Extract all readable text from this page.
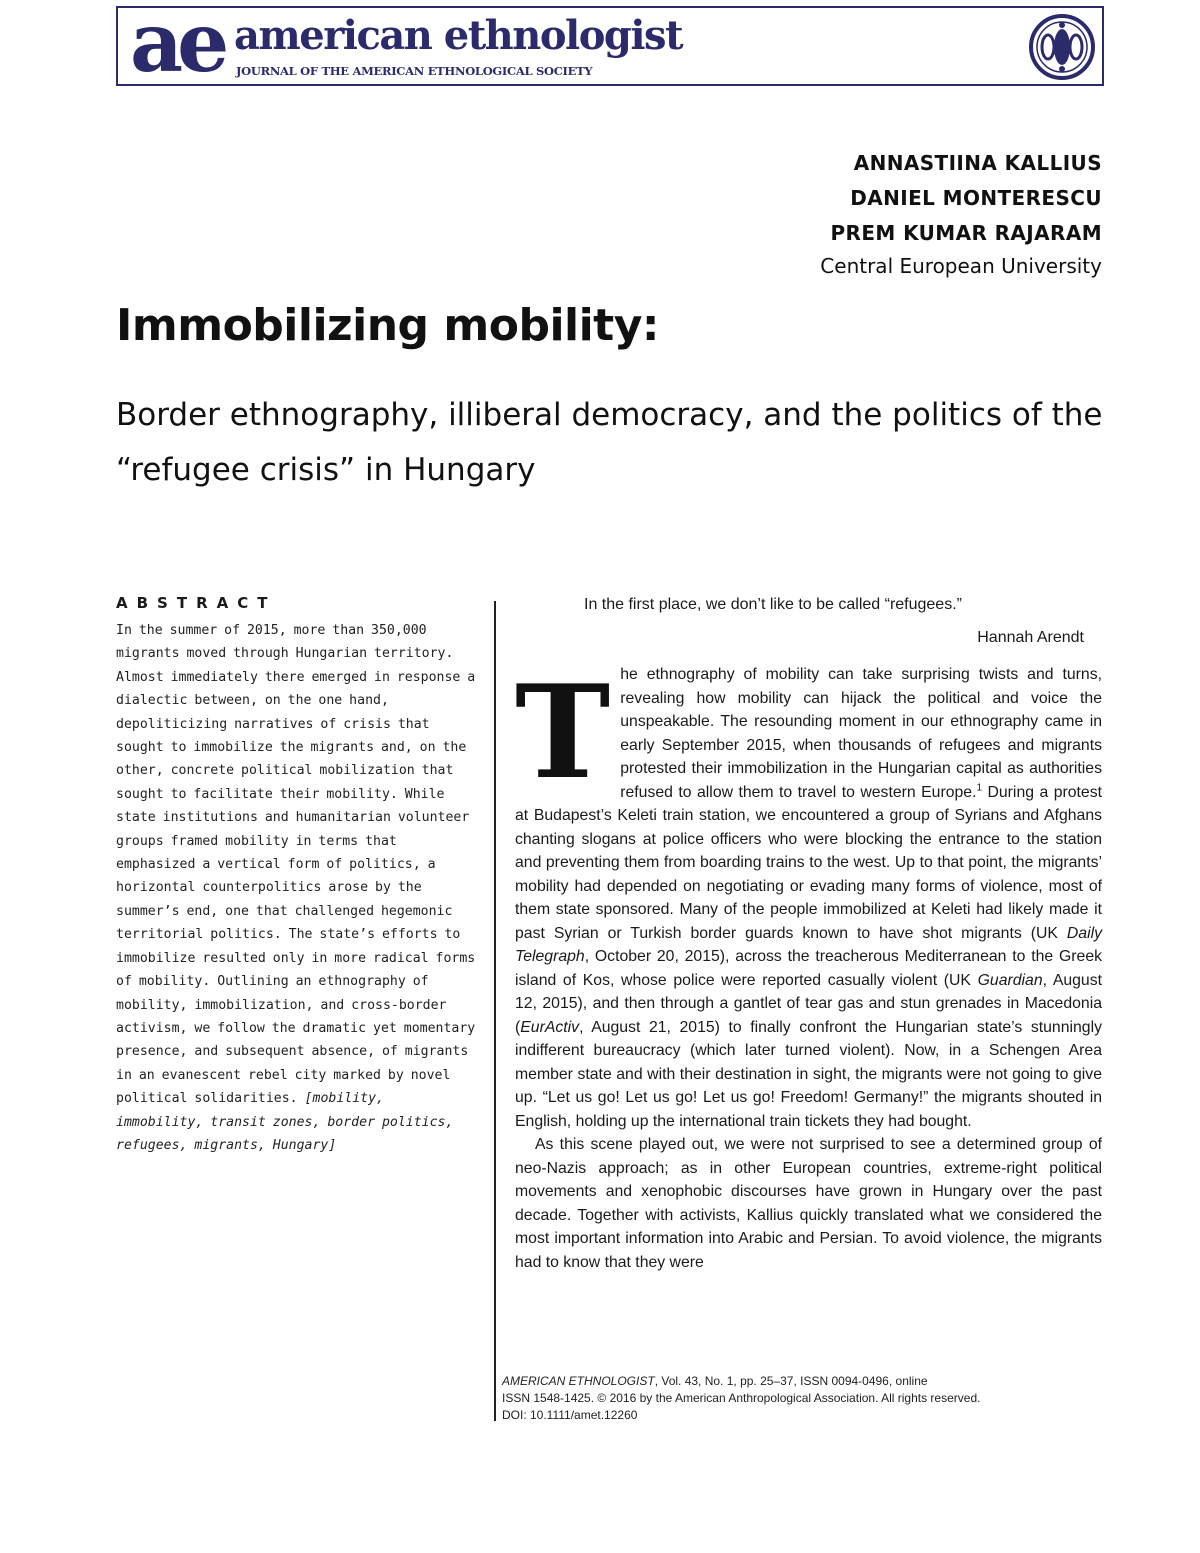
ae american ethnologist
JOURNAL OF THE AMERICAN ETHNOLOGICAL SOCIETY
ANNASTIINA KALLIUS
DANIEL MONTERESCU
PREM KUMAR RAJARAM
Central European University
Immobilizing mobility:
Border ethnography, illiberal democracy, and the politics of the “refugee crisis” in Hungary
ABSTRACT
In the summer of 2015, more than 350,000 migrants moved through Hungarian territory. Almost immediately there emerged in response a dialectic between, on the one hand, depoliticizing narratives of crisis that sought to immobilize the migrants and, on the other, concrete political mobilization that sought to facilitate their mobility. While state institutions and humanitarian volunteer groups framed mobility in terms that emphasized a vertical form of politics, a horizontal counterpolitics arose by the summer’s end, one that challenged hegemonic territorial politics. The state’s efforts to immobilize resulted only in more radical forms of mobility. Outlining an ethnography of mobility, immobilization, and cross-border activism, we follow the dramatic yet momentary presence, and subsequent absence, of migrants in an evanescent rebel city marked by novel political solidarities. [mobility, immobility, transit zones, border politics, refugees, migrants, Hungary]
In the first place, we don’t like to be called “refugees.”
Hannah Arendt

The ethnography of mobility can take surprising twists and turns, revealing how mobility can hijack the political and voice the unspeakable. The resounding moment in our ethnography came in early September 2015, when thousands of refugees and migrants protested their immobilization in the Hungarian capital as authorities refused to allow them to travel to western Europe.$^1$ During a protest at Budapest’s Keleti train station, we encountered a group of Syrians and Afghans chanting slogans at police officers who were blocking the entrance to the station and preventing them from boarding trains to the west. Up to that point, the migrants’ mobility had depended on negotiating or evading many forms of violence, most of them state sponsored. Many of the people immobilized at Keleti had likely made it past Syrian or Turkish border guards known to have shot migrants (UK Daily Telegraph, October 20, 2015), across the treacherous Mediterranean to the Greek island of Kos, whose police were reported casually violent (UK Guardian, August 12, 2015), and then through a gantlet of tear gas and stun grenades in Macedonia (EurActiv, August 21, 2015) to finally confront the Hungarian state’s stunningly indifferent bureaucracy (which later turned violent). Now, in a Schengen Area member state and with their destination in sight, the migrants were not going to give up. “Let us go! Let us go! Let us go! Freedom! Germany!” the migrants shouted in English, holding up the international train tickets they had bought.

As this scene played out, we were not surprised to see a determined group of neo-Nazis approach; as in other European countries, extreme-right political movements and xenophobic discourses have grown in Hungary over the past decade. Together with activists, Kallius quickly translated what we considered the most important information into Arabic and Persian. To avoid violence, the migrants had to know that they were

AMERICAN ETHNOLOGIST, Vol. 43, No. 1, pp. 25–37, ISSN 0094-0496, online
ISSN 1548-1425. © 2016 by the American Anthropological Association. All rights reserved.
DOI: 10.1111/amet.12260
